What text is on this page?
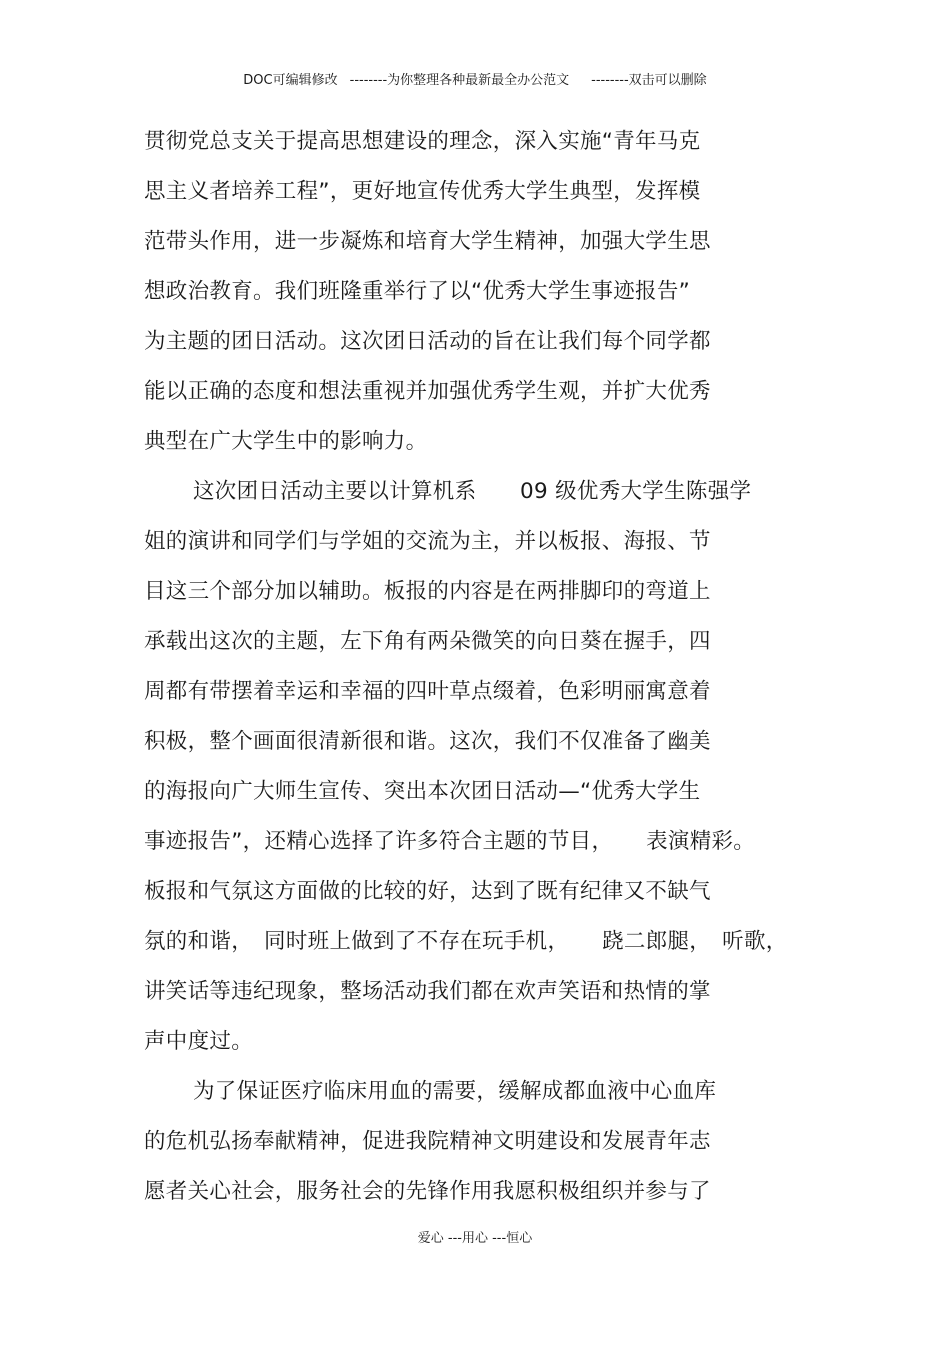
DOC可编辑修改 --------为你整理各种最新最全办公范文 --------双击可以删除
贯彻党总支关于提高思想建设的理念，深入实施“青年马克
思主义者培养工程”，更好地宣传优秀大学生典型，发挥模
范带头作用，进一步凝炼和培育大学生精神，加强大学生思
想政治教育。我们班隆重举行了以“优秀大学生事迹报告”
为主题的团日活动。这次团日活动的旨在让我们每个同学都
能以正确的态度和想法重视并加强优秀学生观，并扩大优秀
典型在广大学生中的影响力。
这次团日活动主要以计算机系　　09 级优秀大学生陈强学
姐的演讲和同学们与学姐的交流为主，并以板报、海报、节
目这三个部分加以辅助。板报的内容是在两排脚印的弯道上
承载出这次的主题，左下角有两朵微笑的向日葵在握手，四
周都有带摆着幸运和幸福的四叶草点缀着，色彩明丽寓意着
积极，整个画面很清新很和谐。这次，我们不仅准备了幽美
的海报向广大师生宣传、突出本次团日活动—“优秀大学生
事迹报告”，还精心选择了许多符合主题的节目，　　表演精彩。
板报和气氛这方面做的比较的好，达到了既有纪律又不缺气
氛的和谐，　同时班上做到了不存在玩手机，　　跷二郎腿，　听歌，
讲笑话等违纪现象，整场活动我们都在欢声笑语和热情的掌
声中度过。
为了保证医疗临床用血的需要，缓解成都血液中心血库
的危机弘扬奉献精神，促进我院精神文明建设和发展青年志
愿者关心社会，服务社会的先锋作用我愿积极组织并参与了
爱心 ---用心 ---恒心
